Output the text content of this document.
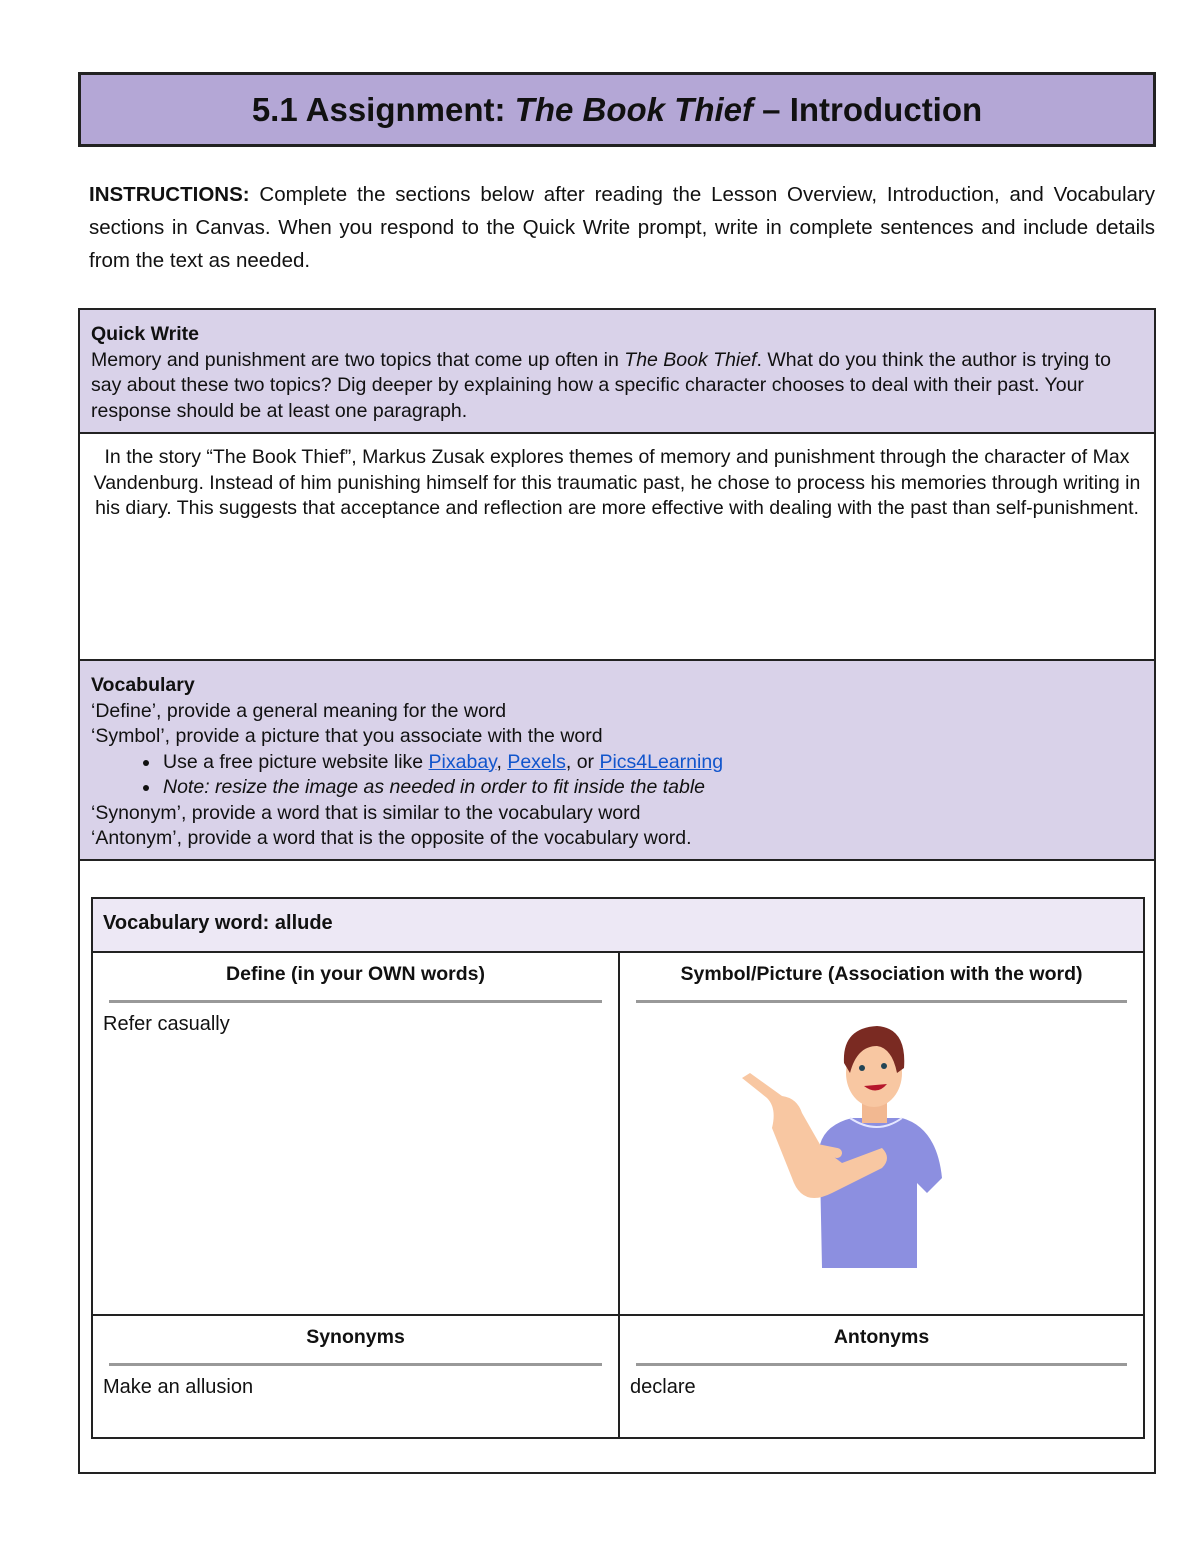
5.1 Assignment: The Book Thief – Introduction
INSTRUCTIONS: Complete the sections below after reading the Lesson Overview, Introduction, and Vocabulary sections in Canvas. When you respond to the Quick Write prompt, write in complete sentences and include details from the text as needed.
Quick Write
Memory and punishment are two topics that come up often in The Book Thief. What do you think the author is trying to say about these two topics? Dig deeper by explaining how a specific character chooses to deal with their past. Your response should be at least one paragraph.
In the story “The Book Thief”, Markus Zusak explores themes of memory and punishment through the character of Max Vandenburg. Instead of him punishing himself for this traumatic past, he chose to process his memories through writing in his diary. This suggests that acceptance and reflection are more effective with dealing with the past than self-punishment.
Vocabulary
‘Define’, provide a general meaning for the word
‘Symbol’, provide a picture that you associate with the word
• Use a free picture website like Pixabay, Pexels, or Pics4Learning
• Note: resize the image as needed in order to fit inside the table
‘Synonym’, provide a word that is similar to the vocabulary word
‘Antonym’, provide a word that is the opposite of the vocabulary word.
Vocabulary word: allude
Define (in your OWN words)

Refer casually

Symbol/Picture (Association with the word)
Synonyms

Make an allusion

Antonyms

declare
